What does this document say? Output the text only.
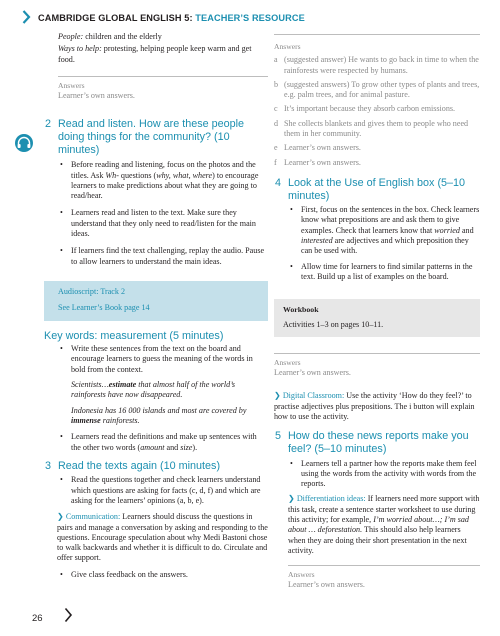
CAMBRIDGE GLOBAL ENGLISH 5: TEACHER’S RESOURCE

People: children and the elderly

Ways to help: protesting, helping people keep warm and get food.

Answers
Learner’s own answers.
2 Read and listen. How are these people doing things for the community? (10 minutes)
• Before reading and listening, focus on the photos and the titles. Ask Wh- questions (why, what, where) to encourage learners to make predictions about what they are going to read/hear.
• Learners read and listen to the text. Make sure they understand that they only need to read/listen for the main ideas.
• If learners find the text challenging, replay the audio. Pause to allow learners to understand the main ideas.

Audioscript: Track 2

See Learner’s Book page 14

Key words: measurement (5 minutes)
• Write these sentences from the text on the board and encourage learners to guess the meaning of the words in bold from the context.

Scientists…estimate that almost half of the world’s rainforests have now disappeared.

Indonesia has 16 000 islands and most are covered by immense rainforests.

• Learners read the definitions and make up sentences with the other two words (amount and size).
3 Read the texts again (10 minutes)
• Read the questions together and check learners understand which questions are asking for facts (c, d, f) and which are asking for the learners’ opinions (a, b, e).

❯ Communication: Learners should discuss the questions in pairs and manage a conversation by asking and responding to the questions. Encourage speculation about why Medi Bastoni chose to walk backwards and whether it is difficult to do. Circulate and offer support.

• Give class feedback on the answers.
Answers
a (suggested answer) He wants to go back in time to when the rainforests were respected by humans.
b (suggested answers) To grow other types of plants and trees, e.g. palm trees, and for animal pasture.
c It’s important because they absorb carbon emissions.
d She collects blankets and gives them to people who need them in her community.
e Learner’s own answers.
f Learner’s own answers.
4 Look at the Use of English box (5–10 minutes)
• First, focus on the sentences in the box. Check learners know what prepositions are and ask them to give examples. Check that learners know that worried and interested are adjectives and which preposition they can be used with.
• Allow time for learners to find similar patterns in the text. Build up a list of examples on the board.

Workbook

Activities 1–3 on pages 10–11.

Answers
Learner’s own answers.

❯ Digital Classroom: Use the activity ‘How do they feel?’ to practise adjectives plus prepositions. The i button will explain how to use the activity.

5 How do these news reports make you feel? (5–10 minutes)
• Learners tell a partner how the reports make them feel using the words from the activity with words from the reports.

❯ Differentiation ideas: If learners need more support with this task, create a sentence starter worksheet to use during this activity; for example, I’m worried about…; I’m sad about … deforestation. This should also help learners when they are doing their short presentation in the next activity.

Answers
Learner’s own answers.
26
